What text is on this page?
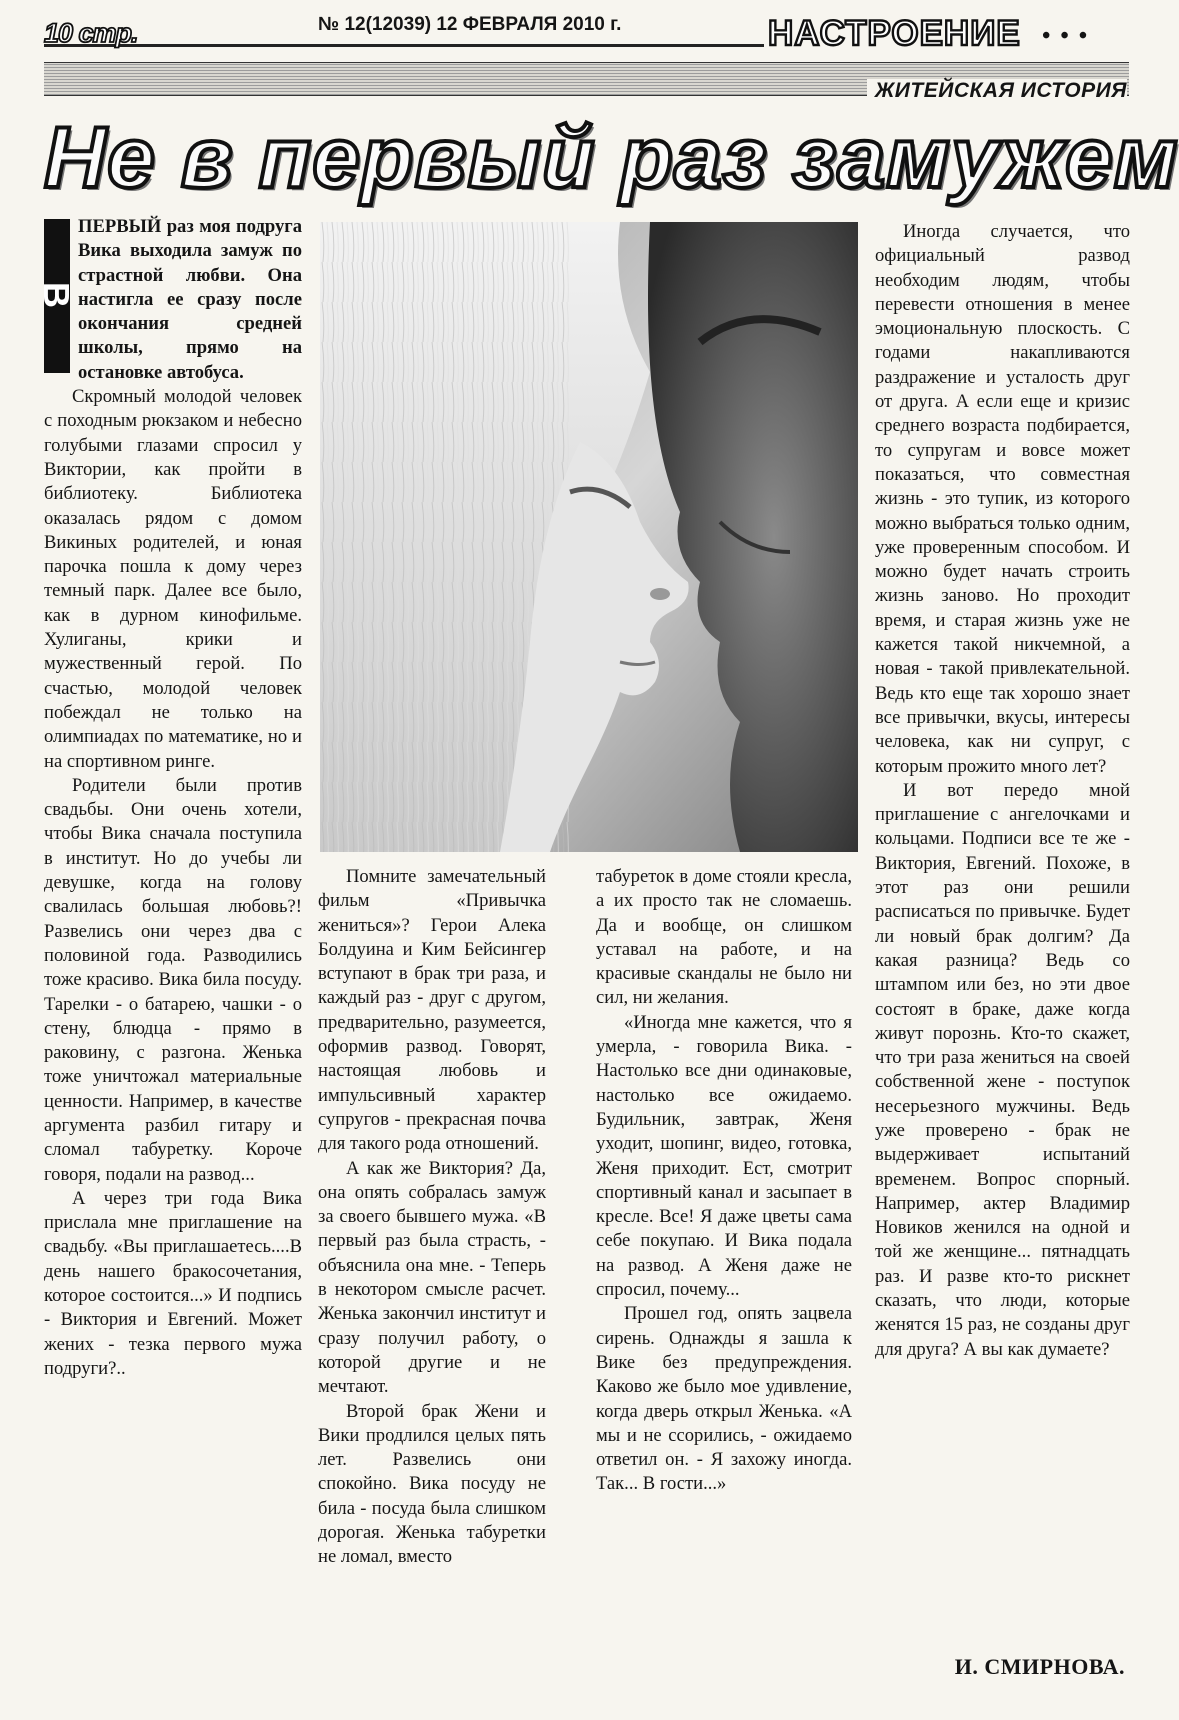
10 стр.	№ 12(12039) 12 ФЕВРАЛЯ 2010 г.	НАСТРОЕНИЕ •••
ЖИТЕЙСКАЯ ИСТОРИЯ
Не в первый раз замужем
В

ПЕРВЫЙ раз моя подруга Вика выходила замуж по страстной любви. Она настигла ее сразу после окончания средней школы, прямо на остановке автобуса.

Скромный молодой человек с походным рюкзаком и небесно голубыми глазами спросил у Виктории, как пройти в библиотеку. Библиотека оказалась рядом с домом Викиных родителей, и юная парочка пошла к дому через темный парк. Далее все было, как в дурном кинофильме. Хулиганы, крики и мужественный герой. По счастью, молодой человек побеждал не только на олимпиадах по математике, но и на спортивном ринге.

Родители были против свадьбы. Они очень хотели, чтобы Вика сначала поступила в институт. Но до учебы ли девушке, когда на голову свалилась большая любовь?! Развелись они через два с половиной года. Разводились тоже красиво. Вика била посуду. Тарелки - о батарею, чашки - о стену, блюдца - прямо в раковину, с разгона. Женька тоже уничтожал материальные ценности. Например, в качестве аргумента разбил гитару и сломал табуретку. Короче говоря, подали на развод...

А через три года Вика прислала мне приглашение на свадьбу. «Вы приглашаетесь....В день нашего бракосочетания, которое состоится...» И подпись - Виктория и Евгений. Может жених - тезка первого мужа подруги?..

Помните замечательный фильм «Привычка жениться»? Герои Алека Болдуина и Ким Бейсингер вступают в брак три раза, и каждый раз - друг с другом, предварительно, разумеется, оформив развод. Говорят, настоящая любовь и импульсивный характер супругов - прекрасная почва для такого рода отношений.

А как же Виктория? Да, она опять собралась замуж за своего бывшего мужа. «В первый раз была страсть, - объяснила она мне. - Теперь в некотором смысле расчет. Женька закончил институт и сразу получил работу, о которой другие и не мечтают.

Второй брак Жени и Вики продлился целых пять лет. Развелись они спокойно. Вика посуду не била - посуда была слишком дорогая. Женька табуретки не ломал, вместо

табуреток в доме стояли кресла, а их просто так не сломаешь. Да и вообще, он слишком уставал на работе, и на красивые скандалы не было ни сил, ни желания.

«Иногда мне кажется, что я умерла, - говорила Вика. - Настолько все дни одинаковые, настолько все ожидаемо. Будильник, завтрак, Женя уходит, шопинг, видео, готовка, Женя приходит. Ест, смотрит спортивный канал и засыпает в кресле. Все! Я даже цветы сама себе покупаю. И Вика подала на развод. А Женя даже не спросил, почему...

Прошел год, опять зацвела сирень. Однажды я зашла к Вике без предупреждения. Каково же было мое удивление, когда дверь открыл Женька. «А мы и не ссорились, - ожидаемо ответил он. - Я захожу иногда. Так... В гости...»

Иногда случается, что официальный развод необходим людям, чтобы перевести отношения в менее эмоциональную плоскость. С годами накапливаются раздражение и усталость друг от друга. А если еще и кризис среднего возраста подбирается, то супругам и вовсе может показаться, что совместная жизнь - это тупик, из которого можно выбраться только одним, уже проверенным способом. И можно будет начать строить жизнь заново. Но проходит время, и старая жизнь уже не кажется такой никчемной, а новая - такой привлекательной. Ведь кто еще так хорошо знает все привычки, вкусы, интересы человека, как ни супруг, с которым прожито много лет?

И вот передо мной приглашение с ангелочками и кольцами. Подписи все те же - Виктория, Евгений. Похоже, в этот раз они решили расписаться по привычке. Будет ли новый брак долгим? Да какая разница? Ведь со штампом или без, но эти двое состоят в браке, даже когда живут порознь. Кто-то скажет, что три раза жениться на своей собственной жене - поступок несерьезного мужчины. Ведь уже проверено - брак не выдерживает испытаний временем. Вопрос спорный. Например, актер Владимир Новиков женился на одной и той же женщине... пятнадцать раз. И разве кто-то рискнет сказать, что люди, которые женятся 15 раз, не созданы друг для друга? А вы как думаете?

И. СМИРНОВА.
